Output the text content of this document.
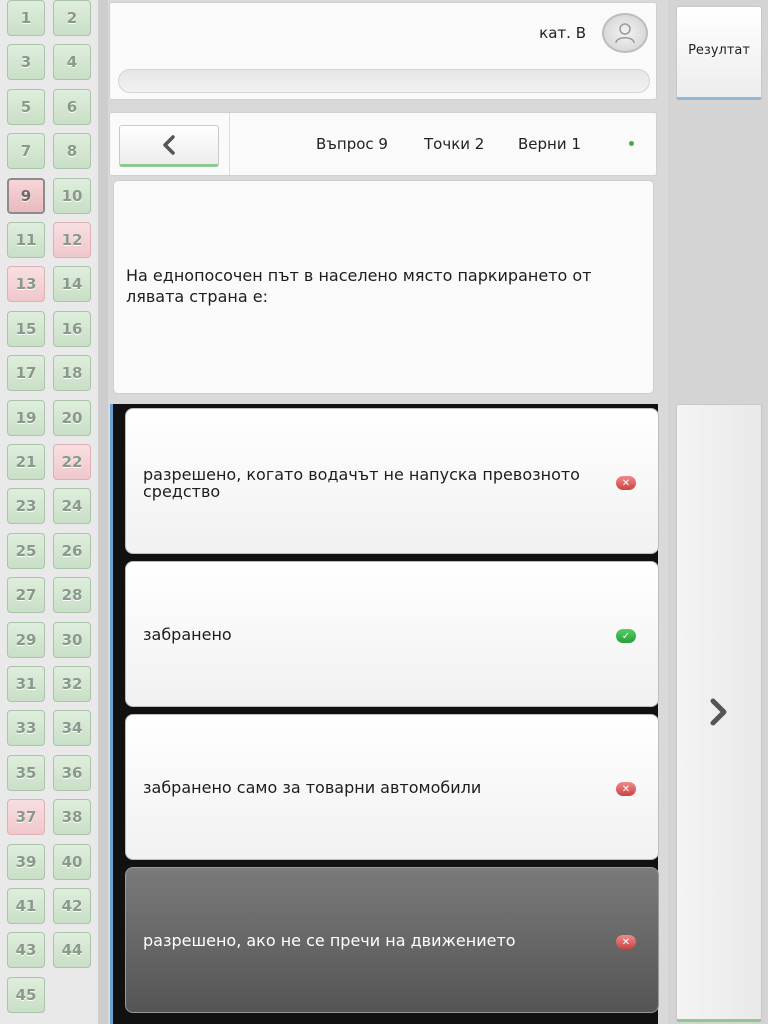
1	2
3	4
5	6
7	8
9	10
11	12
13	14
15	16
17	18
19	20
21	22
23	24
25	26
27	28
29	30
31	32
33	34
35	36
37	38
39	40
41	42
43	44
45
кат. B
Въпрос 9 Точки 2 Верни 1
На еднопосочен път в населено място паркирането от лявата страна е:
разрешено, когато водачът не напуска превозното средство	✕
забранено	✓
забранено само за товарни автомобили	✕
разрешено, ако не се пречи на движението	✕
Резултат
